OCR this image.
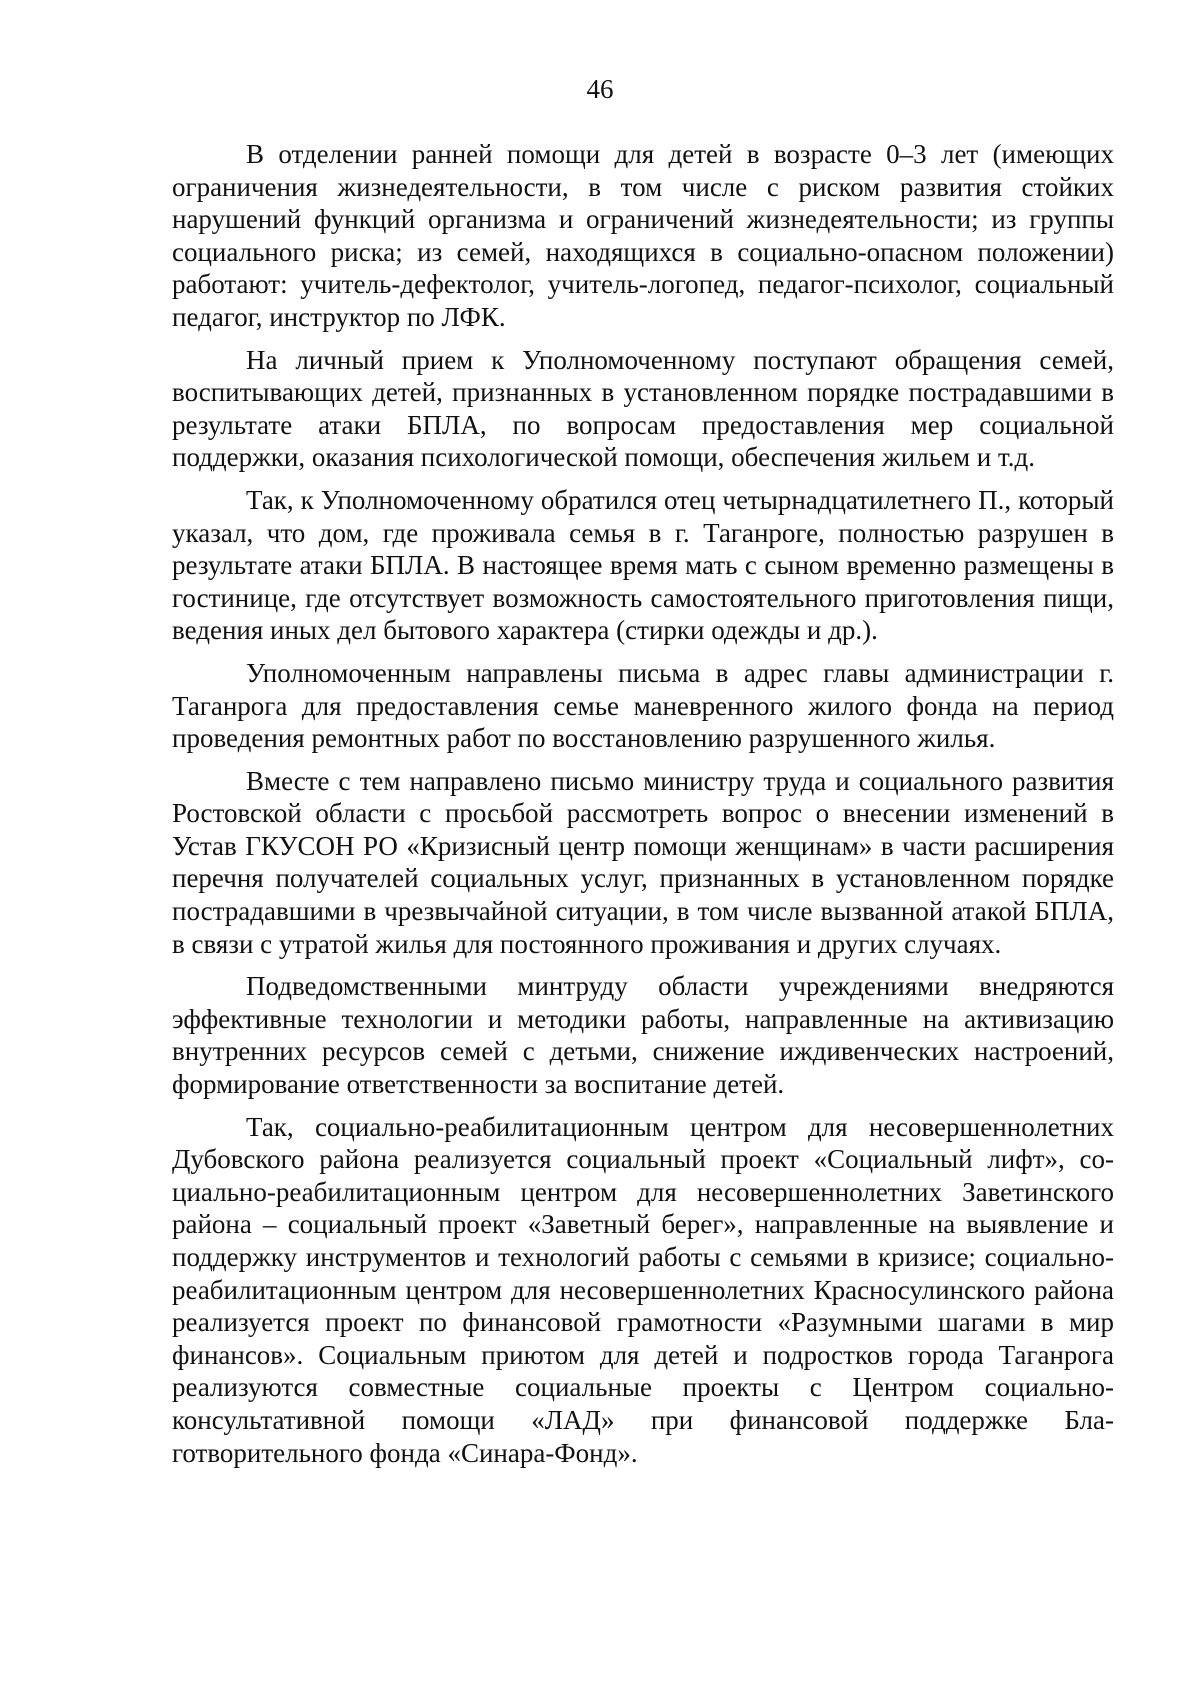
46

В отделении ранней помощи для детей в возрасте 0–3 лет (имеющих ограничения жизнедеятельности, в том числе с риском развития стойких нарушений функций организма и ограничений жизнедеятельности; из группы социального риска; из семей, находящихся в социально-опасном положении) работают: учитель-дефектолог, учитель-логопед, педагог-психолог, социальный педагог, инструктор по ЛФК.

На личный прием к Уполномоченному поступают обращения семей, воспитывающих детей, признанных в установленном порядке пострадавшими в результате атаки БПЛА, по вопросам предоставления мер социальной поддержки, оказания психологической помощи, обеспечения жильем и т.д.

Так, к Уполномоченному обратился отец четырнадцатилетнего П., который указал, что дом, где проживала семья в г. Таганроге, полностью разрушен в результате атаки БПЛА. В настоящее время мать с сыном временно размещены в гостинице, где отсутствует возможность самостоятельного приготовления пищи, ведения иных дел бытового характера (стирки одежды и др.).

Уполномоченным направлены письма в адрес главы администрации г. Таганрога для предоставления семье маневренного жилого фонда на период проведения ремонтных работ по восстановлению разрушенного жилья.

Вместе с тем направлено письмо министру труда и социального развития Ростовской области с просьбой рассмотреть вопрос о внесении изменений в Устав ГКУСОН РО «Кризисный центр помощи женщинам» в части расширения перечня получателей социальных услуг, признанных в установленном порядке пострадавшими в чрезвычайной ситуации, в том числе вызванной атакой БПЛА, в связи с утратой жилья для постоянного проживания и других случаях.

Подведомственными минтруду области учреждениями внедряются эффективные технологии и методики работы, направленные на активизацию внутренних ресурсов семей с детьми, снижение иждивенческих настроений, формирование ответственности за воспитание детей.

Так, социально-реабилитационным центром для несовершеннолетних Дубовского района реализуется социальный проект «Социальный лифт», социально-реабилитационным центром для несовершеннолетних Заветинского района – социальный проект «Заветный берег», направленные на выявление и поддержку инструментов и технологий работы с семьями в кризисе; социально-реабилитационным центром для несовершеннолетних Красносулинского района реализуется проект по финансовой грамотности «Разумными шагами в мир финансов». Социальным приютом для детей и подростков города Таганрога реализуются совместные социальные проекты с Центром социально-консультативной помощи «ЛАД» при финансовой поддержке Благотворительного фонда «Синара-Фонд».
